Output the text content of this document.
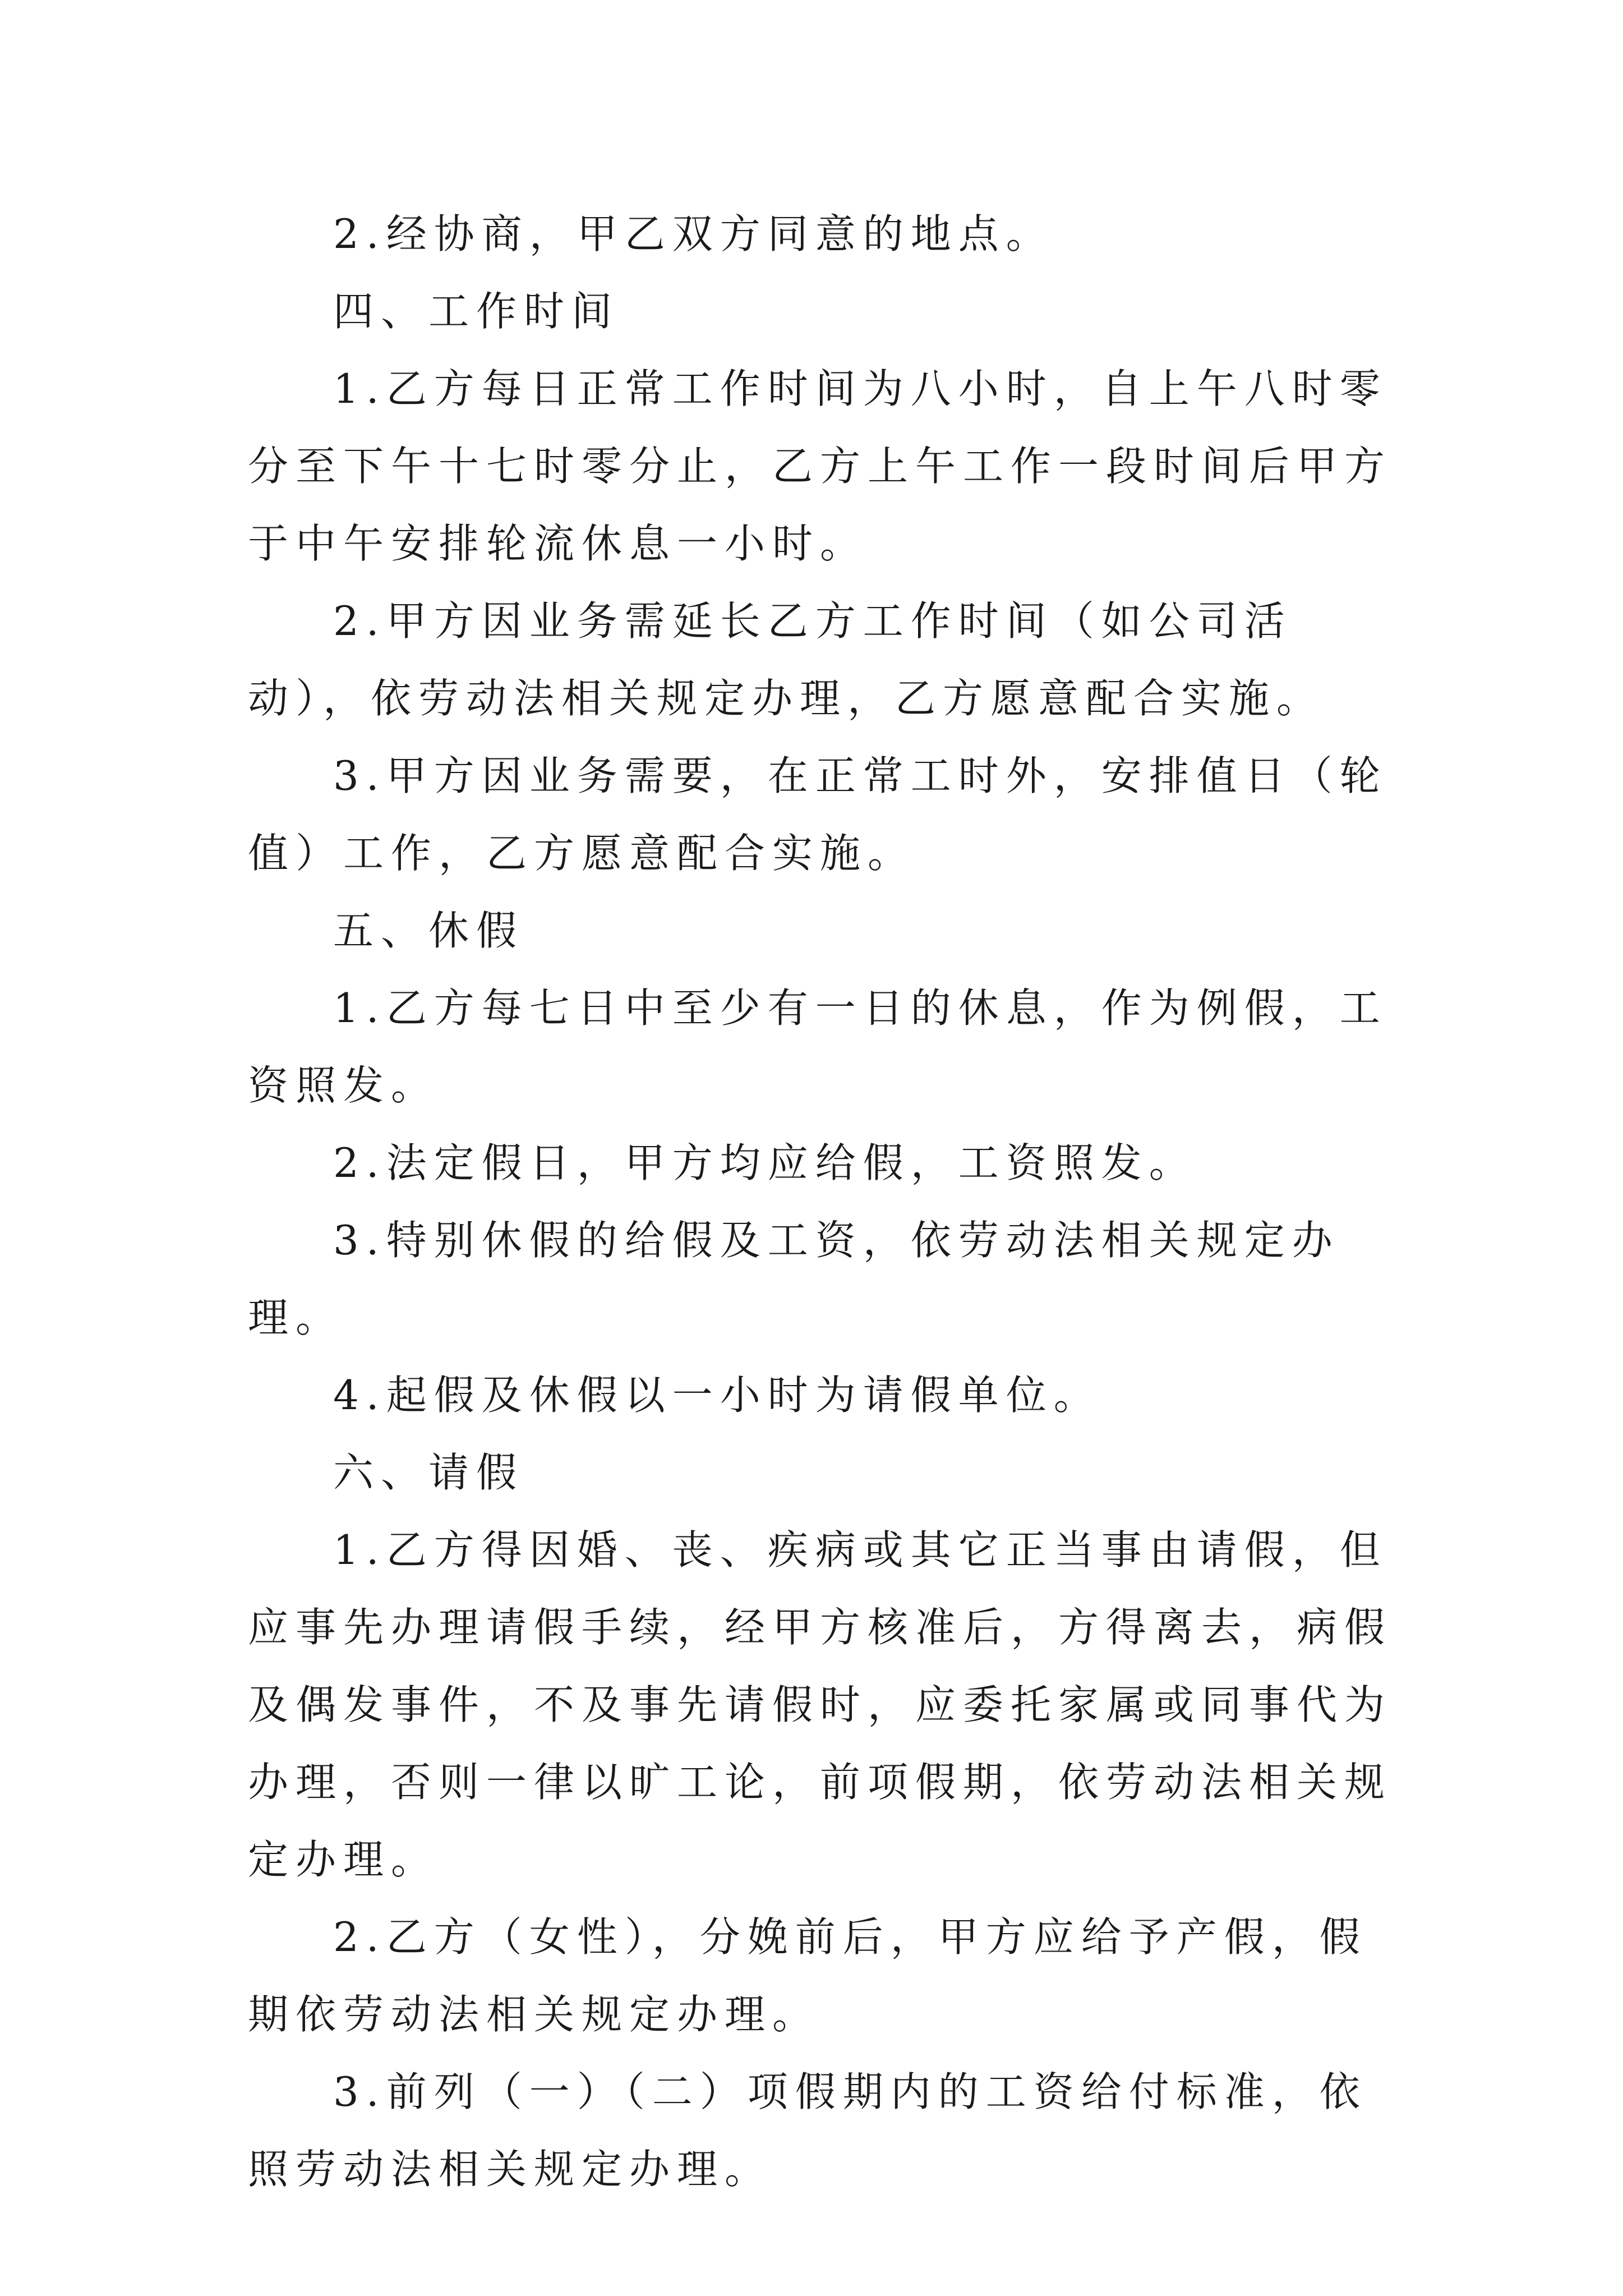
2.经协商，甲乙双方同意的地点。

四、工作时间

1.乙方每日正常工作时间为八小时，自上午八时零分至下午十七时零分止，乙方上午工作一段时间后甲方于中午安排轮流休息一小时。

2.甲方因业务需延长乙方工作时间（如公司活动），依劳动法相关规定办理，乙方愿意配合实施。

3.甲方因业务需要，在正常工时外，安排值日（轮值）工作，乙方愿意配合实施。

五、休假

1.乙方每七日中至少有一日的休息，作为例假，工资照发。

2.法定假日，甲方均应给假，工资照发。

3.特别休假的给假及工资，依劳动法相关规定办理。

4.起假及休假以一小时为请假单位。

六、请假

1.乙方得因婚、丧、疾病或其它正当事由请假，但应事先办理请假手续，经甲方核准后，方得离去，病假及偶发事件，不及事先请假时，应委托家属或同事代为办理，否则一律以旷工论，前项假期，依劳动法相关规定办理。

2.乙方（女性），分娩前后，甲方应给予产假，假期依劳动法相关规定办理。

3.前列（一）（二）项假期内的工资给付标准，依照劳动法相关规定办理。
